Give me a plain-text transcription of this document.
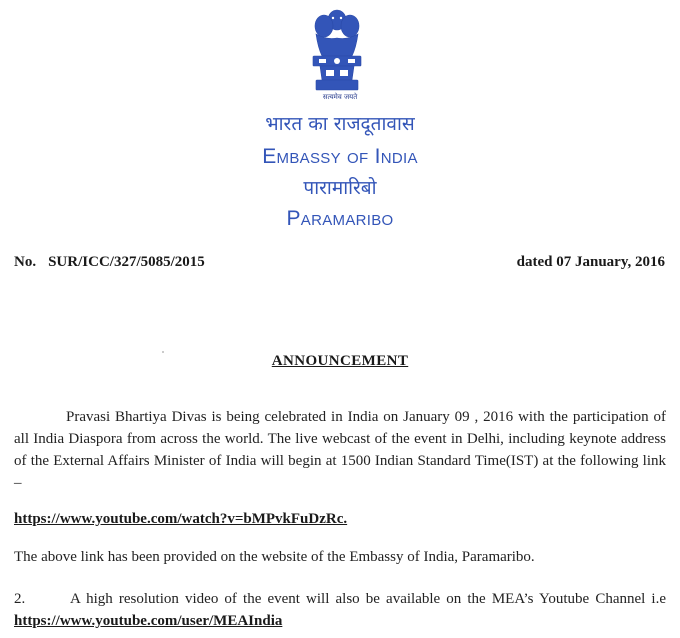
सत्यमेव जयते
भारत का राजदूतावास
Embassy of India
पारामारिबो
Paramaribo
No. SUR/ICC/327/5085/2015	dated 07 January, 2016
ANNOUNCEMENT
Pravasi Bhartiya Divas is being celebrated in India on January 09 , 2016 with the participation of all India Diaspora from across the world. The live webcast of the event in Delhi, including keynote address of the External Affairs Minister of India will begin at 1500 Indian Standard Time(IST) at the following link –
https://www.youtube.com/watch?v=bMPvkFuDzRc.
The above link has been provided on the website of the Embassy of India, Paramaribo.
2.	A high resolution video of the event will also be available on the MEA’s Youtube Channel i.e https://www.youtube.com/user/MEAIndia
